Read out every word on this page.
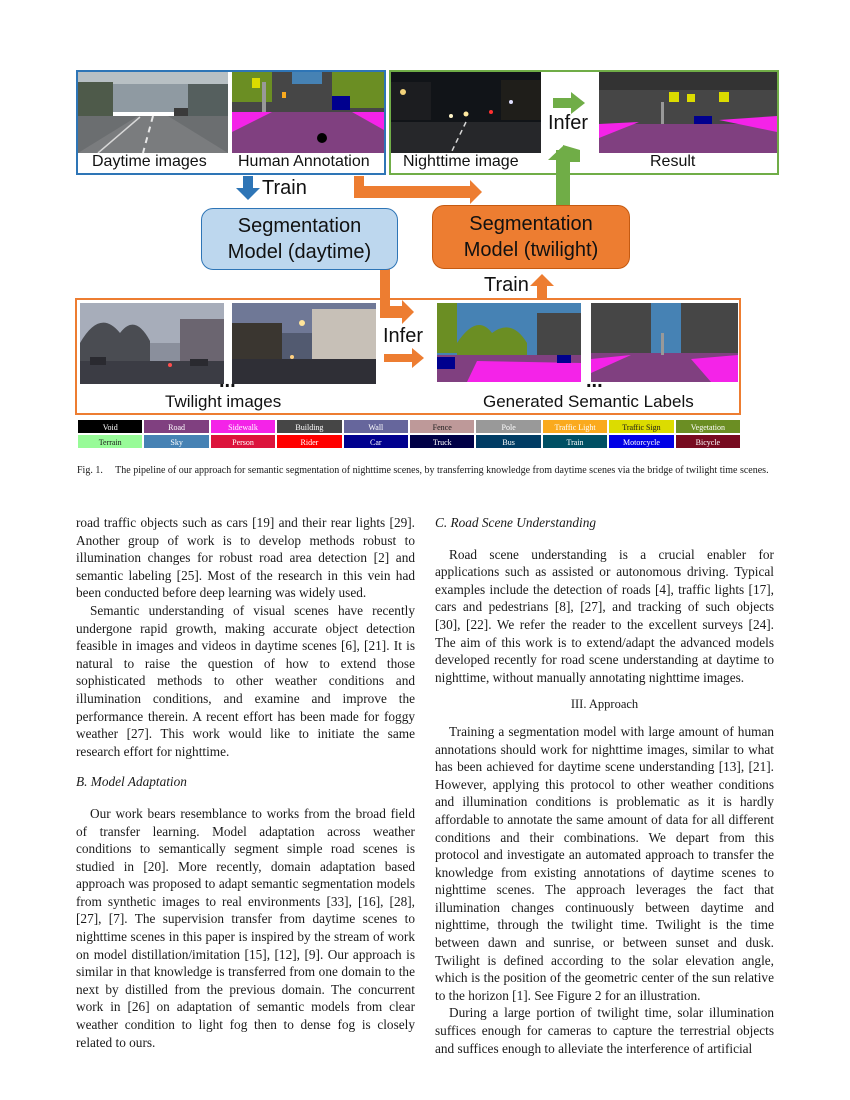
Daytime images Human Annotation Nighttime image	Result
Train
Infer
Train
Infer
Segmentation
Model (daytime)
Segmentation
Model (twilight)
...
Twilight images
...
Generated Semantic Labels
Void	Road	Sidewalk	Building	Wall	Fence	Pole	Traffic Light	Traffic Sign	Vegetation
Terrain	Sky	Person	Rider	Car	Truck	Bus	Train	Motorcycle	Bicycle
Fig. 1.  The pipeline of our approach for semantic segmentation of nighttime scenes, by transferring knowledge from daytime scenes via the bridge of twilight time scenes.

road traffic objects such as cars [19] and their rear lights [29]. Another group of work is to develop methods robust to illumination changes for robust road area detection [2] and semantic labeling [25]. Most of the research in this vein had been conducted before deep learning was widely used.

Semantic understanding of visual scenes have recently undergone rapid growth, making accurate object detection feasible in images and videos in daytime scenes [6], [21]. It is natural to raise the question of how to extend those sophisticated methods to other weather conditions and illumination conditions, and examine and improve the performance therein. A recent effort has been made for foggy weather [27]. This work would like to initiate the same research effort for nighttime.

B. Model Adaptation

Our work bears resemblance to works from the broad field of transfer learning. Model adaptation across weather conditions to semantically segment simple road scenes is studied in [20]. More recently, domain adaptation based approach was proposed to adapt semantic segmentation models from synthetic images to real environments [33], [16], [28], [27], [7]. The supervision transfer from daytime scenes to nighttime scenes in this paper is inspired by the stream of work on model distillation/imitation [15], [12], [9]. Our approach is similar in that knowledge is transferred from one domain to the next by distilled from the previous domain. The concurrent work in [26] on adaptation of semantic models from clear weather condition to light fog then to dense fog is closely related to ours.

C. Road Scene Understanding

Road scene understanding is a crucial enabler for applications such as assisted or autonomous driving. Typical examples include the detection of roads [4], traffic lights [17], cars and pedestrians [8], [27], and tracking of such objects [30], [22]. We refer the reader to the excellent surveys [24]. The aim of this work is to extend/adapt the advanced models developed recently for road scene understanding at daytime to nighttime, without manually annotating nighttime images.

III. Approach

Training a segmentation model with large amount of human annotations should work for nighttime images, similar to what has been achieved for daytime scene understanding [13], [21]. However, applying this protocol to other weather conditions and illumination conditions is problematic as it is hardly affordable to annotate the same amount of data for all different conditions and their combinations. We depart from this protocol and investigate an automated approach to transfer the knowledge from existing annotations of daytime scenes to nighttime scenes. The approach leverages the fact that illumination changes continuously between daytime and nighttime, through the twilight time. Twilight is the time between dawn and sunrise, or between sunset and dusk. Twilight is defined according to the solar elevation angle, which is the position of the geometric center of the sun relative to the horizon [1]. See Figure 2 for an illustration.

During a large portion of twilight time, solar illumination suffices enough for cameras to capture the terrestrial objects and suffices enough to alleviate the interference of artificial
